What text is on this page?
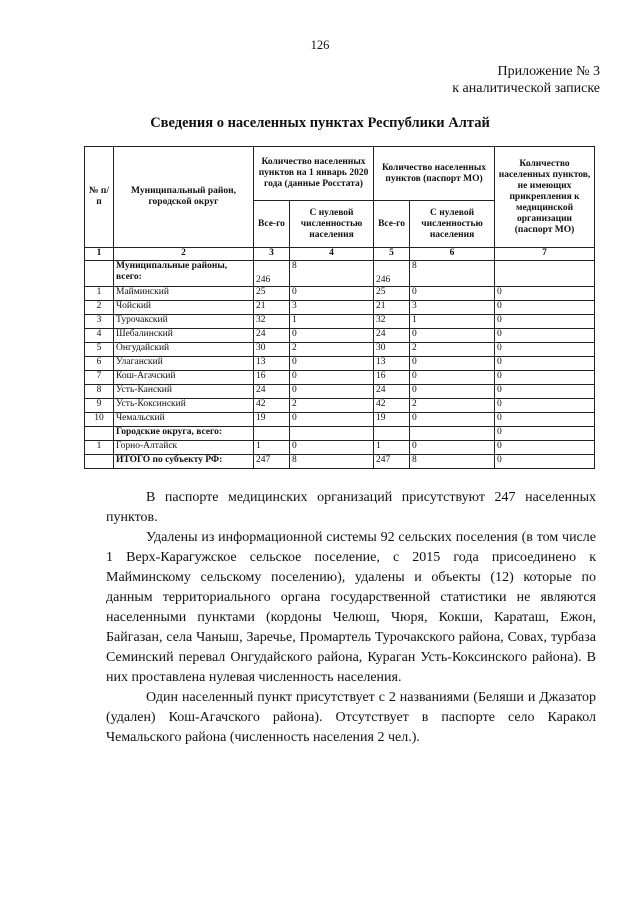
126
Приложение № 3
к аналитической записке
Сведения о населенных пунктах Республики Алтай
№ п/п	Муниципальный район, городской округ	Количество населенных пунктов на 1 январь 2020 года (данные Росстата)		Количество населенных пунктов (паспорт МО)		Количество населенных пунктов, не имеющих прикрепления к медицинской организации (паспорт МО)
		Все-го	С нулевой численностью населения	Все-го	С нулевой численностью населения	
1	2	3	4	5	6	7
	Муниципальные районы, всего:	246	8	246	8	
1	Майминский	25	0	25	0	0
2	Чойский	21	3	21	3	0
3	Турочакский	32	1	32	1	0
4	Шебалинский	24	0	24	0	0
5	Онгудайский	30	2	30	2	0
6	Улаганский	13	0	13	0	0
7	Кош-Агачский	16	0	16	0	0
8	Усть-Канский	24	0	24	0	0
9	Усть-Коксинский	42	2	42	2	0
10	Чемальский	19	0	19	0	0
	Городские округа, всего:					0
1	Горно-Алтайск	1	0	1	0	0
	ИТОГО по субъекту РФ:	247	8	247	8	0

В паспорте медицинских организаций присутствуют 247 населенных пунктов.

Удалены из информационной системы 92 сельских поселения (в том числе 1 Верх-Карагужское сельское поселение, с 2015 года присоединено к Майминскому сельскому поселению), удалены и объекты (12) которые по данным территориального органа государственной статистики не являются населенными пунктами (кордоны Челюш, Чюря, Кокши, Караташ, Ежон, Байгазан, села Чаныш, Заречье, Промартель Турочакского района, Совах, турбаза Семинский перевал Онгудайского района, Кураган Усть-Коксинского района). В них проставлена нулевая численность населения.

Один населенный пункт присутствует с 2 названиями (Беляши и Джазатор (удален) Кош-Агачского района). Отсутствует в паспорте село Каракол Чемальского района (численность населения 2 чел.).
